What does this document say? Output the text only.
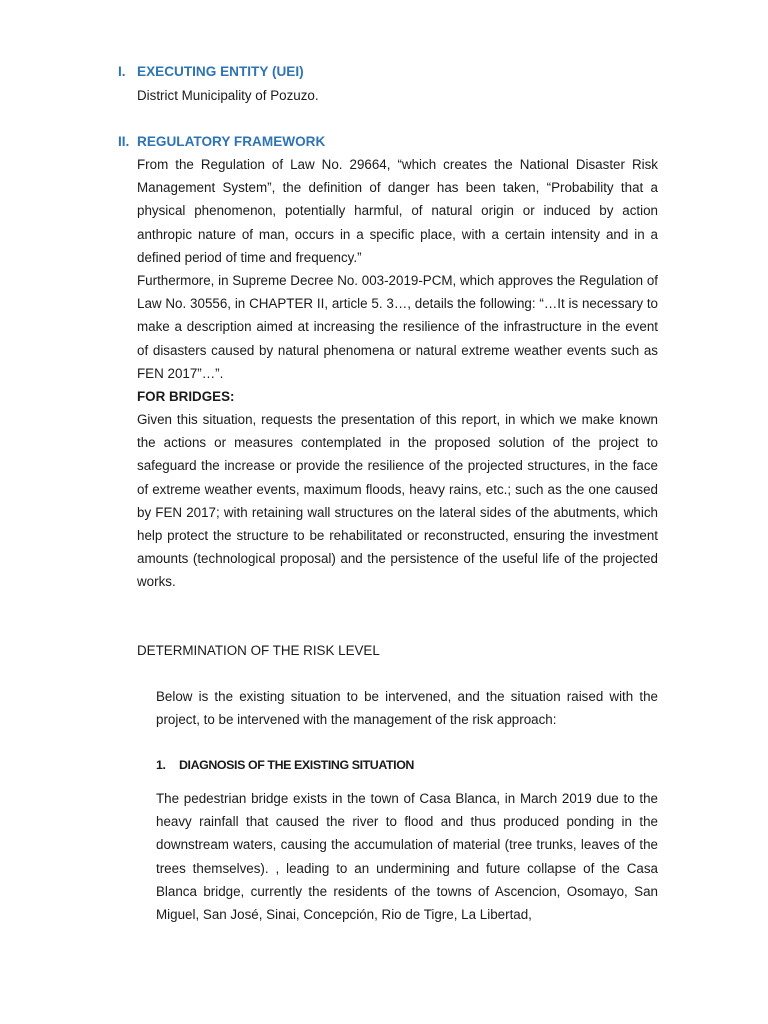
I. EXECUTING ENTITY (UEI)

District Municipality of Pozuzo.

II. REGULATORY FRAMEWORK

From the Regulation of Law No. 29664, “which creates the National Disaster Risk Management System”, the definition of danger has been taken, “Probability that a physical phenomenon, potentially harmful, of natural origin or induced by action anthropic nature of man, occurs in a specific place, with a certain intensity and in a defined period of time and frequency.”

Furthermore, in Supreme Decree No. 003-2019-PCM, which approves the Regulation of Law No. 30556, in CHAPTER II, article 5. 3…, details the following: “…It is necessary to make a description aimed at increasing the resilience of the infrastructure in the event of disasters caused by natural phenomena or natural extreme weather events such as FEN 2017”…”.

FOR BRIDGES:

Given this situation, requests the presentation of this report, in which we make known the actions or measures contemplated in the proposed solution of the project to safeguard the increase or provide the resilience of the projected structures, in the face of extreme weather events, maximum floods, heavy rains, etc.; such as the one caused by FEN 2017; with retaining wall structures on the lateral sides of the abutments, which help protect the structure to be rehabilitated or reconstructed, ensuring the investment amounts (technological proposal) and the persistence of the useful life of the projected works.

DETERMINATION OF THE RISK LEVEL

Below is the existing situation to be intervened, and the situation raised with the project, to be intervened with the management of the risk approach:

1. DIAGNOSIS OF THE EXISTING SITUATION

The pedestrian bridge exists in the town of Casa Blanca, in March 2019 due to the heavy rainfall that caused the river to flood and thus produced ponding in the downstream waters, causing the accumulation of material (tree trunks, leaves of the trees themselves). , leading to an undermining and future collapse of the Casa Blanca bridge, currently the residents of the towns of Ascencion, Osomayo, San Miguel, San José, Sinai, Concepción, Rio de Tigre, La Libertad,
